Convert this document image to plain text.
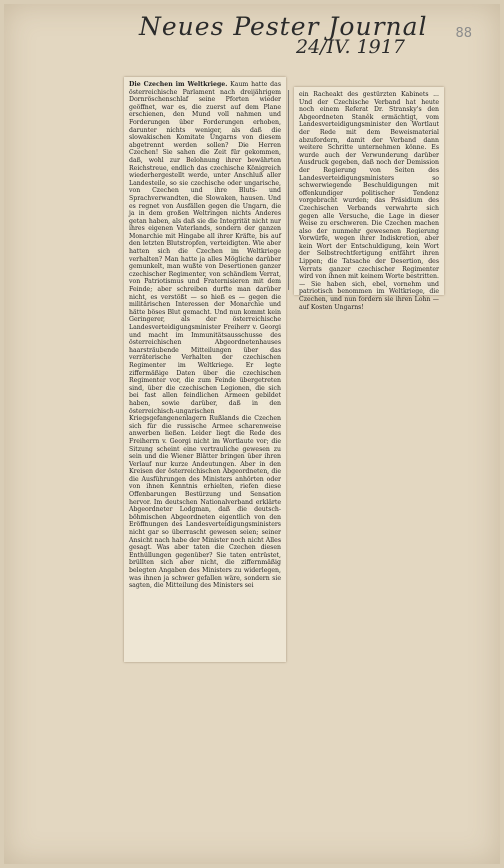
Neues Pester Journal
24/IV. 1917
88

Die Czechen im Weltkriege. Kaum hatte das österreichische Parlament nach dreijährigem Dornröschenschlaf seine Pforten wieder geöffnet, war es, die zuerst auf dem Plane erschienen, den Mund voll nahmen und Forderungen über Forderungen erhoben, darunter nichts weniger, als daß die slowakischen Komitate Ungarns von diesem abgetrennt werden sollen? Die Herren Czechen! Sie sahen die Zeit für gekommen, daß, wohl zur Belohnung ihrer bewährten Reichstreue, endlich das czechische Königreich wiederhergestellt werde, unter Anschluß aller Landesteile, so sie czechische oder ungarische, von Czechen und ihre Bluts- und Sprachverwandten, die Slowaken, hausen. Und es regnet von Ausfällen gegen die Ungarn, die ja in dem großen Weltringen nichts Anderes getan haben, als daß sie die Integrität nicht nur ihres eigenen Vaterlands, sondern der ganzen Monarchie mit Hingabe all ihrer Kräfte, bis auf den letzten Blutstropfen, verteidigten. Wie aber hatten sich die Czechen im Weltkriege verhalten? Man hatte ja alles Mögliche darüber gemunkelt, man wußte von Desertionen ganzer czechischer Regimenter, von schändlem Verrat, von Patriotismus und Fraternisieren mit dem Feinde; aber schreiben durfte man darüber nicht, es verstößt — so hieß es — gegen die militärischen Interessen der Monarchie und hätte böses Blut gemacht. Und nun kommt kein Geringerer, als der österreichische Landesverteidigungsminister Freiherr v. Georgi und macht im Immunitätsausschusse des österreichischen Abgeordnetenhauses haarsträubende Mitteilungen über das verräterische Verhalten der czechischen Regimenter im Weltkriege. Er legte ziffermäßige Daten über die czechischen Regimenter vor, die zum Feinde übergetreten sind, über die czechischen Legionen, die sich bei fast allen feindlichen Armeen gebildet haben, sowie darüber, daß in den österreichisch-ungarischen Kriegsgefangenenlagern Rußlands die Czechen sich für die russische Armee scharenweise anwerben ließen. Leider liegt die Rede des Freiherrn v. Georgi nicht im Wortlaute vor; die Sitzung scheint eine vertrauliche gewesen zu sein und die Wiener Blätter bringen über ihren Verlauf nur kurze Andeutungen. Aber in den Kreisen der österreichischen Abgeordneten, die die Ausführungen des Ministers anhörten oder von ihnen Kenntnis erhielten, riefen diese Offenbarungen Bestürzung und Sensation hervor. Im deutschen Nationalverband erklärte Abgeordneter Lodgman, daß die deutsch-böhmischen Abgeordneten eigentlich von den Eröffnungen des Landesverteidigungsministers nicht gar so überrascht gewesen seien; seiner Ansicht nach habe der Minister noch nicht Alles gesagt. Was aber taten die Czechen diesen Enthüllungen gegenüber? Sie taten entrüstet, brüllten sich aber nicht, die ziffernmäßig belegten Angaben des Ministers zu widerlegen, was ihnen ja schwer gefallen wäre, sondern sie sagten, die Mitteilung des Ministers sei

ein Racheakt des gestürzten Kabinets ... Und der Czechische Verband hat heute noch einem Referat Dr. Stransky's den Abgeordneten Staněk ermächtigt, vom Landesverteidigungsminister den Wortlaut der Rede mit dem Beweismaterial abzufordern, damit der Verband dann weitere Schritte unternehmen könne. Es wurde auch der Verwunderung darüber Ausdruck gegeben, daß noch der Demission der Regierung von Seiten des Landesverteidigungsministers so schwerwiegende Beschuldigungen mit offenkundiger politischer Tendenz vorgebracht wurden; das Präsidium des Czechischen Verbands verwahrte sich gegen alle Versuche, die Lage in dieser Weise zu erschweren. Die Czechen machen also der nunmehr gewesenen Regierung Vorwürfe, wegen ihrer Indiskretion, aber kein Wort der Entschuldigung, kein Wort der Selbstrechtfertigung entfährt ihren Lippen; die Tatsache der Desertion, des Verrats ganzer czechischer Regimenter wird von ihnen mit keinem Worte bestritten. — Sie haben sich, ebel, vornehm und patriotisch benommen im Weltkriege, die Czechen, und nun fordern sie ihren Lohn — auf Kosten Ungarns!
